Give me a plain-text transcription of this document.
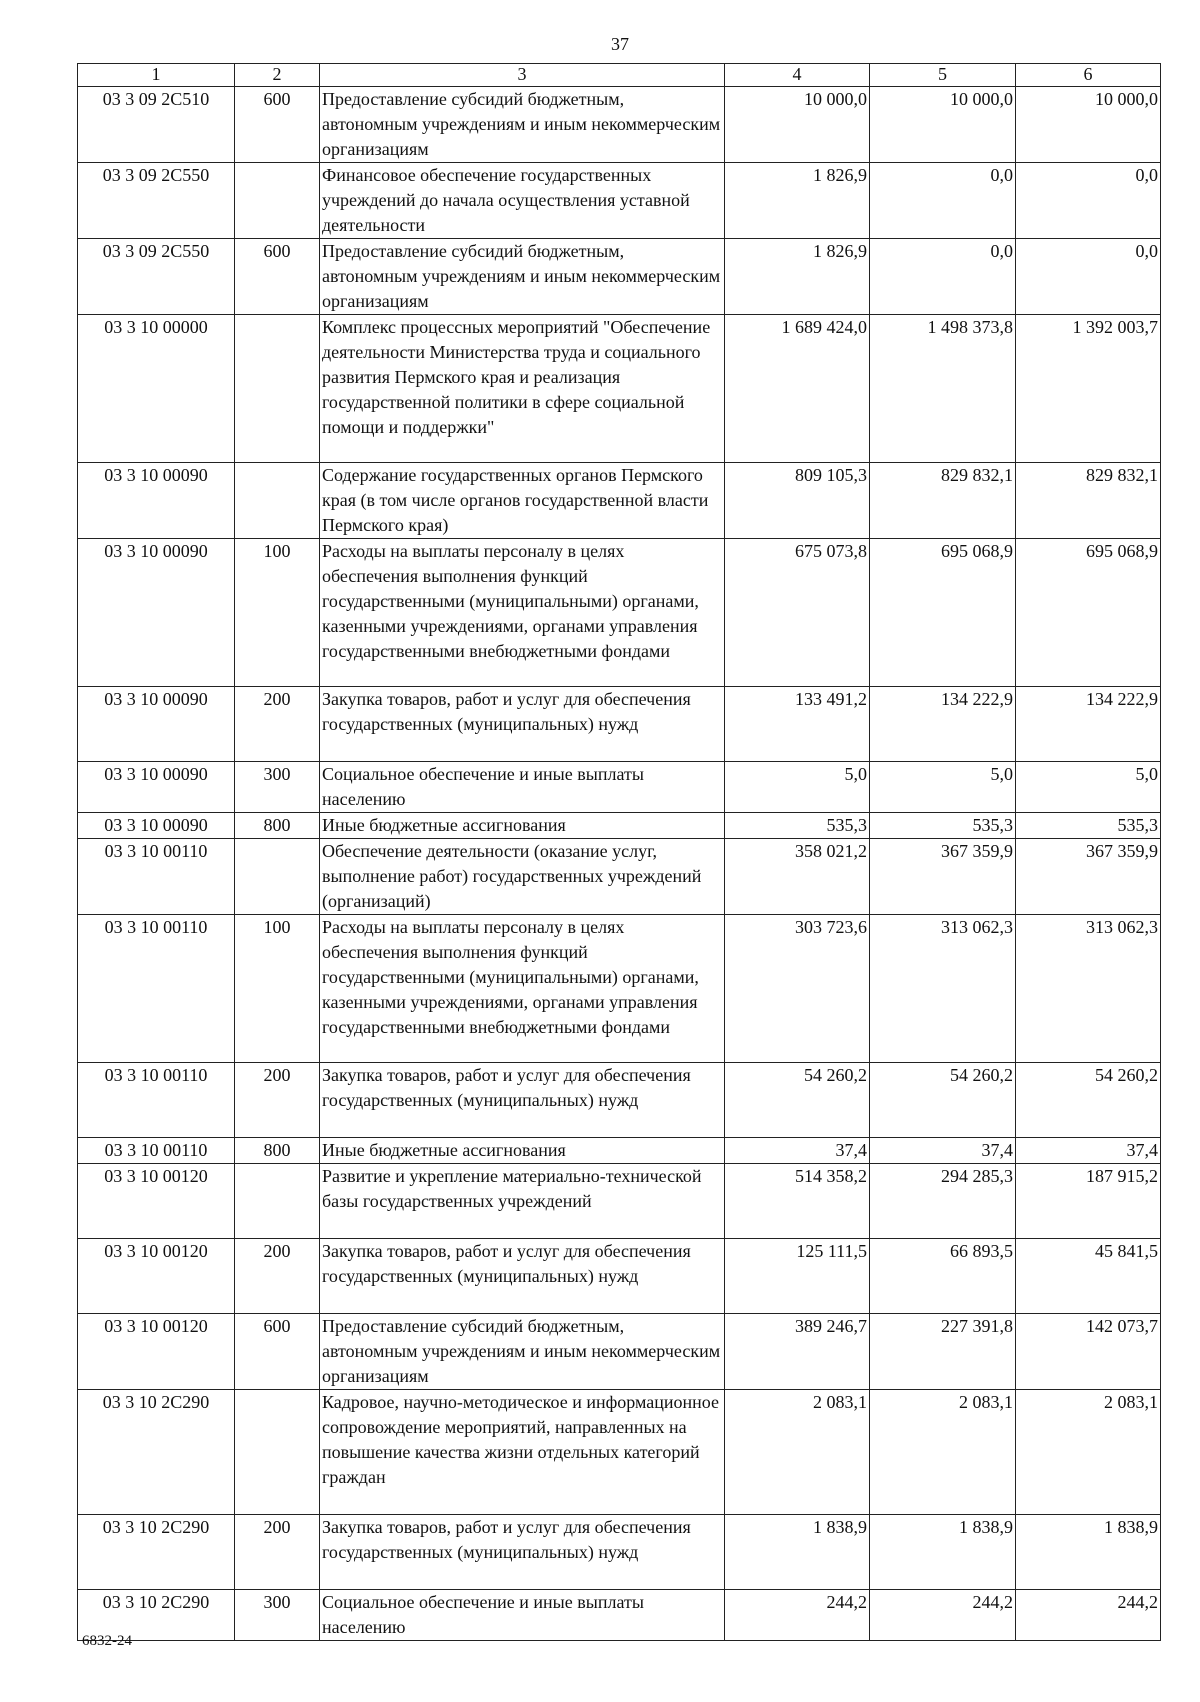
37
1	2	3	4	5	6
03 3 09 2С510	600	Предоставление субсидий бюджетным, автономным учреждениям и иным некоммерческим организациям	10 000,0	10 000,0	10 000,0
03 3 09 2С550		Финансовое обеспечение государственных учреждений до начала осуществления уставной деятельности	1 826,9	0,0	0,0
03 3 09 2С550	600	Предоставление субсидий бюджетным, автономным учреждениям и иным некоммерческим организациям	1 826,9	0,0	0,0
03 3 10 00000		Комплекс процессных мероприятий "Обеспечение деятельности Министерства труда и социального развития Пермского края и реализация государственной политики в сфере социальной помощи и поддержки"	1 689 424,0	1 498 373,8	1 392 003,7
03 3 10 00090		Содержание государственных органов Пермского края (в том числе органов государственной власти Пермского края)	809 105,3	829 832,1	829 832,1
03 3 10 00090	100	Расходы на выплаты персоналу в целях обеспечения выполнения функций государственными (муниципальными) органами, казенными учреждениями, органами управления государственными внебюджетными фондами	675 073,8	695 068,9	695 068,9
03 3 10 00090	200	Закупка товаров, работ и услуг для обеспечения государственных (муниципальных) нужд	133 491,2	134 222,9	134 222,9
03 3 10 00090	300	Социальное обеспечение и иные выплаты населению	5,0	5,0	5,0
03 3 10 00090	800	Иные бюджетные ассигнования	535,3	535,3	535,3
03 3 10 00110		Обеспечение деятельности (оказание услуг, выполнение работ) государственных учреждений (организаций)	358 021,2	367 359,9	367 359,9
03 3 10 00110	100	Расходы на выплаты персоналу в целях обеспечения выполнения функций государственными (муниципальными) органами, казенными учреждениями, органами управления государственными внебюджетными фондами	303 723,6	313 062,3	313 062,3
03 3 10 00110	200	Закупка товаров, работ и услуг для обеспечения государственных (муниципальных) нужд	54 260,2	54 260,2	54 260,2
03 3 10 00110	800	Иные бюджетные ассигнования	37,4	37,4	37,4
03 3 10 00120		Развитие и укрепление материально-технической базы государственных учреждений	514 358,2	294 285,3	187 915,2
03 3 10 00120	200	Закупка товаров, работ и услуг для обеспечения государственных (муниципальных) нужд	125 111,5	66 893,5	45 841,5
03 3 10 00120	600	Предоставление субсидий бюджетным, автономным учреждениям и иным некоммерческим организациям	389 246,7	227 391,8	142 073,7
03 3 10 2С290		Кадровое, научно-методическое и информационное сопровождение мероприятий, направленных на повышение качества жизни отдельных категорий граждан	2 083,1	2 083,1	2 083,1
03 3 10 2С290	200	Закупка товаров, работ и услуг для обеспечения государственных (муниципальных) нужд	1 838,9	1 838,9	1 838,9
03 3 10 2С290	300	Социальное обеспечение и иные выплаты населению	244,2	244,2	244,2
6832-24
